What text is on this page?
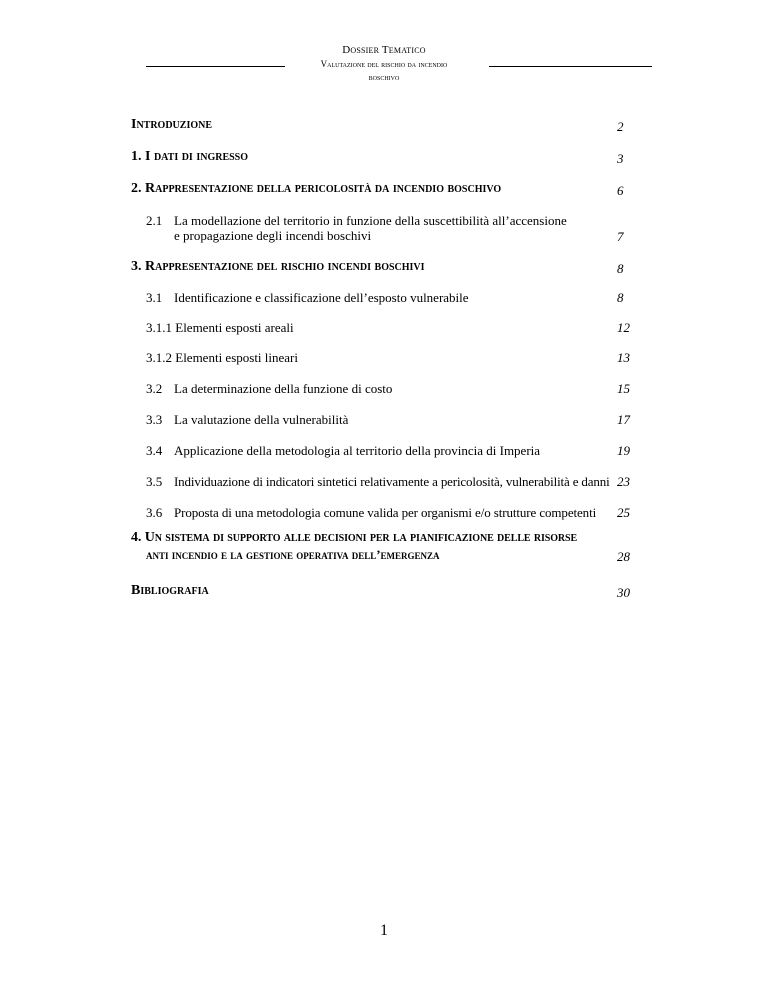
Dossier Tematico
Valutazione del rischio da incendio
boschivo
Introduzione	2
1. I dati di ingresso	3
2. Rappresentazione della pericolosità da incendio boschivo	6
2.1 La modellazione del territorio in funzione della suscettibilità all’accensione
e propagazione degli incendi boschivi	7
3. Rappresentazione del rischio incendi boschivi	8
3.1 Identificazione e classificazione dell’esposto vulnerabile	8
3.1.1 Elementi esposti areali	12
3.1.2 Elementi esposti lineari	13
3.2 La determinazione della funzione di costo	15
3.3 La valutazione della vulnerabilità	17
3.4 Applicazione della metodologia al territorio della provincia di Imperia	19
3.5 Individuazione di indicatori sintetici relativamente a pericolosità, vulnerabilità e danni 23
3.6 Proposta di una metodologia comune valida per organismi e/o strutture competenti 25
4. Un sistema di supporto alle decisioni per la pianificazione delle risorse
anti incendio e la gestione operativa dell’emergenza	28
Bibliografia	30
1
